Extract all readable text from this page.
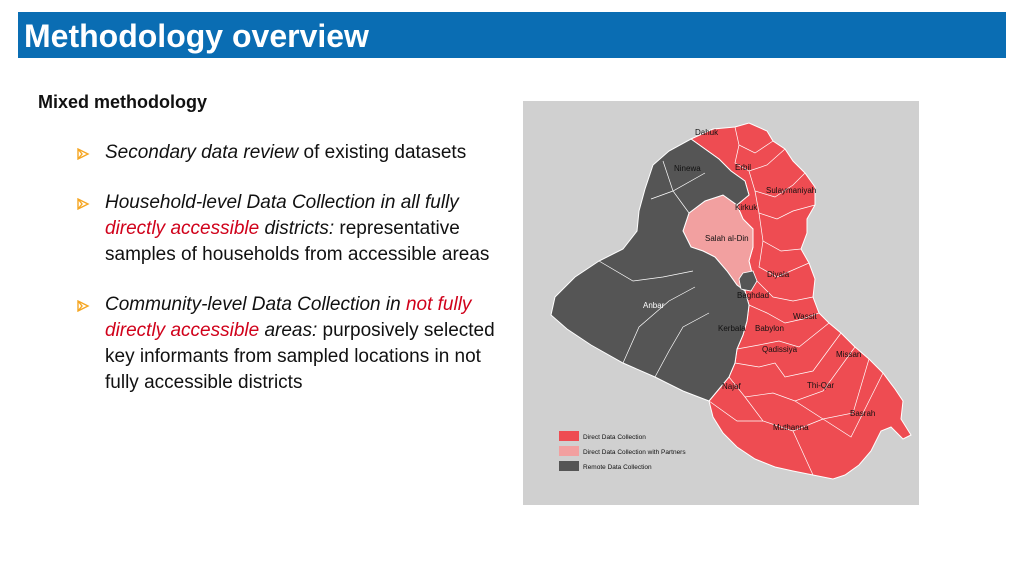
Methodology overview
Mixed methodology
Secondary data review of existing datasets
Household-level Data Collection in all fully directly accessible districts: representative samples of households from accessible areas
Community-level Data Collection in not fully directly accessible areas: purposively selected key informants from sampled locations in not fully accessible districts
Dahuk
Ninewa	Erbil
Sulaymaniyah
Kirkuk
Salah al-Din
Diyala
Baghdad
Anbar
Wassit
Kerbala Babylon
Qadissiya
Missan
Najaf	Thi-Qar
Basrah
Muthanna
Direct Data Collection
Direct Data Collection with Partners
Remote Data Collection
